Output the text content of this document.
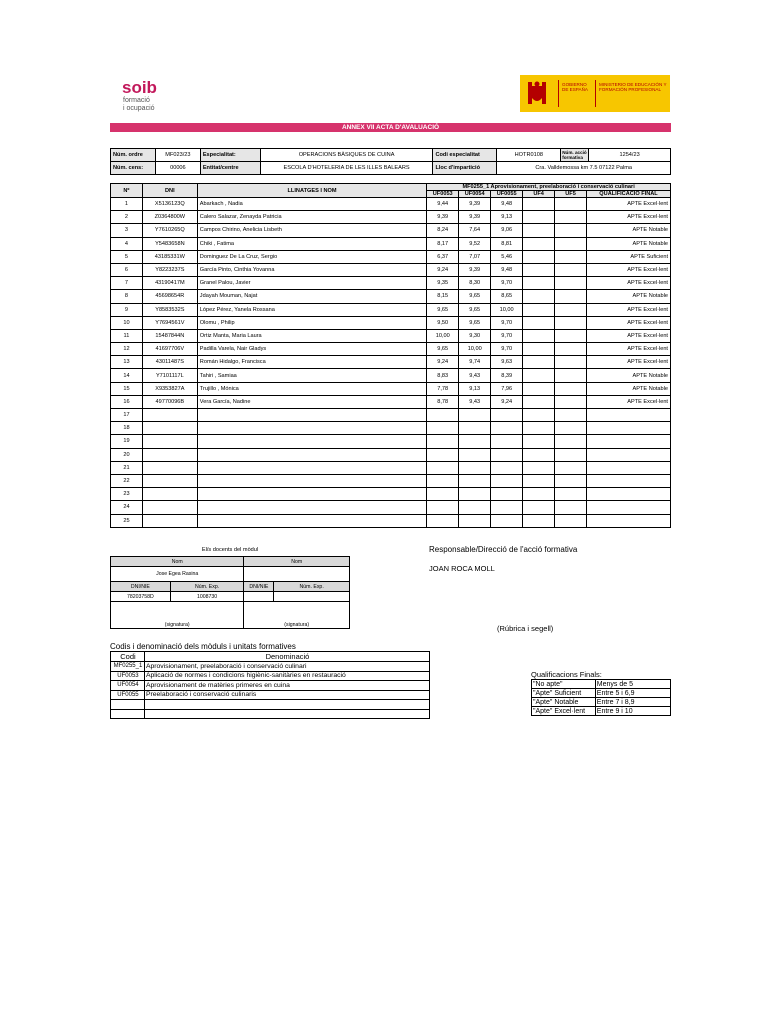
soib
formació
i ocupació
GOBIERNO DE ESPAÑA
MINISTERIO DE EDUCACIÓN Y FORMACIÓN PROFESIONAL
ANNEX VII ACTA D'AVALUACIÓ
Núm. ordre	MF023/23	Especialitat:	OPERACIONS BÀSIQUES DE CUINA	Codi especialitat	HOTR0108	Núm. acció formativa	1254/23
Núm. cens:	00006	Entitat/centre	ESCOLA D'HOTELERIA DE LES ILLES BALEARS	Lloc d'impartició	Cra. Valldemossa km 7.5 07122 Palma		
Nº	DNI	LLINATGES I NOM	MF0255_1 Aprovisionament, preelaboració i conservació culinari					
			UF0053	UF0054	UF0055	UF4	UF5	QUALIFICACIÓ FINAL
1	X5136123Q	Abarkach , Nadia	9,44	9,39	9,48			APTE Excel·lent
2	Z0364800W	Calero Salazar, Zenayda Patricia	9,39	9,39	9,13			APTE Excel·lent
3	Y7610265Q	Campos Chirino, Anelicia Lisbeth	8,24	7,64	9,06			APTE Notable
4	Y5483658N	Chiki , Fatima	8,17	9,52	8,81			APTE Notable
5	43185331W	Dominguez De La Cruz, Sergio	6,37	7,07	5,46			APTE Suficient
6	Y8223237S	García Pinto, Cinthia Yovanna	9,24	9,39	9,48			APTE Excel·lent
7	43190417M	Granel Palou, Javier	9,35	8,30	9,70			APTE Excel·lent
8	45698654R	Jdayah Mouman, Najat	8,15	9,65	8,65			APTE Notable
9	Y8583532S	López Pérez, Yanela Rossana	9,65	9,65	10,00			APTE Excel·lent
10	Y7694561V	Olomu , Philip	9,50	9,65	9,70			APTE Excel·lent
11	15487844N	Ortiz Manta, Maria Laura	10,00	9,30	9,70			APTE Excel·lent
12	41697706V	Padilla Varela, Nair Gladys	9,65	10,00	9,70			APTE Excel·lent
13	43011487S	Román Hidalgo, Francisca	9,24	9,74	9,63			APTE Excel·lent
14	Y7101117L	Tahiri , Samiaa	8,83	9,43	8,39			APTE Notable
15	X9353827A	Trujillo , Mónica	7,78	9,13	7,96			APTE Notable
16	49770096B	Vera García, Nadine	8,78	9,43	9,24			APTE Excel·lent
17								
18								
19								
20								
21								
22								
23								
24								
25								
El/s docents del mòdul
Nom		Nom	
Jose Egea Rasina			
DNI/NIE	Núm. Exp.	DNI/NIE	Núm. Exp.
78203758D	1008730		
(signatura)		(signatura)	
Responsable/Direcció de l'acció formativa
JOAN ROCA MOLL
(Rúbrica i segell)
Codis i denominació dels mòduls i unitats formatives
Codi	Denominació
MF0255_1	Aprovisionament, preelaboració i conservació culinari
UF0053	Aplicació de normes i condicions higiènic-sanitàries en restauració
UF0054	Aprovisionament de matèries primeres en cuina
UF0055	Preelaboració i conservació culinaris

Qualificacions Finals:
"No apte"	Menys de 5
"Apte" Suficient	Entre 5 i 6,9
"Apte" Notable	Entre 7 i 8,9
"Apte" Excel·lent	Entre 9 i 10
